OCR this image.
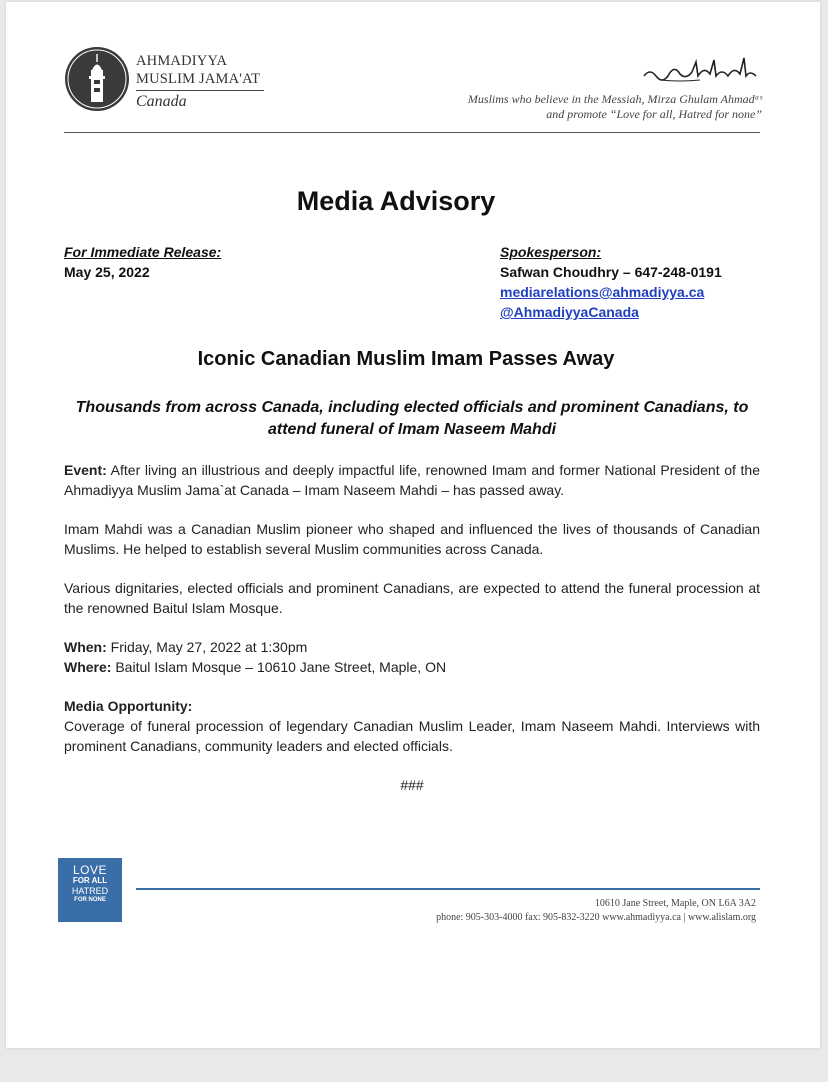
AHMADIYYA
MUSLIM JAMA'AT
Canada	Muslims who believe in the Messiah, Mirza Ghulam Ahmadᵃˢ
and promote “Love for all, Hatred for none”
Media Advisory
For Immediate Release:
May 25, 2022
Spokesperson:
Safwan Choudhry – 647-248-0191
mediarelations@ahmadiyya.ca
@AhmadiyyaCanada
Iconic Canadian Muslim Imam Passes Away
Thousands from across Canada, including elected officials and prominent Canadians, to attend funeral of Imam Naseem Mahdi

Event: After living an illustrious and deeply impactful life, renowned Imam and former National President of the Ahmadiyya Muslim Jama`at Canada – Imam Naseem Mahdi – has passed away.

Imam Mahdi was a Canadian Muslim pioneer who shaped and influenced the lives of thousands of Canadian Muslims. He helped to establish several Muslim communities across Canada.

Various dignitaries, elected officials and prominent Canadians, are expected to attend the funeral procession at the renowned Baitul Islam Mosque.

When: Friday, May 27, 2022 at 1:30pm

Where: Baitul Islam Mosque – 10610 Jane Street, Maple, ON

Media Opportunity:

Coverage of funeral procession of legendary Canadian Muslim Leader, Imam Naseem Mahdi. Interviews with prominent Canadians, community leaders and elected officials.

###
LOVE
FOR ALL
HATRED
FOR NONE	10610 Jane Street, Maple, ON L6A 3A2
phone: 905-303-4000 fax: 905-832-3220 www.ahmadiyya.ca | www.alislam.org
